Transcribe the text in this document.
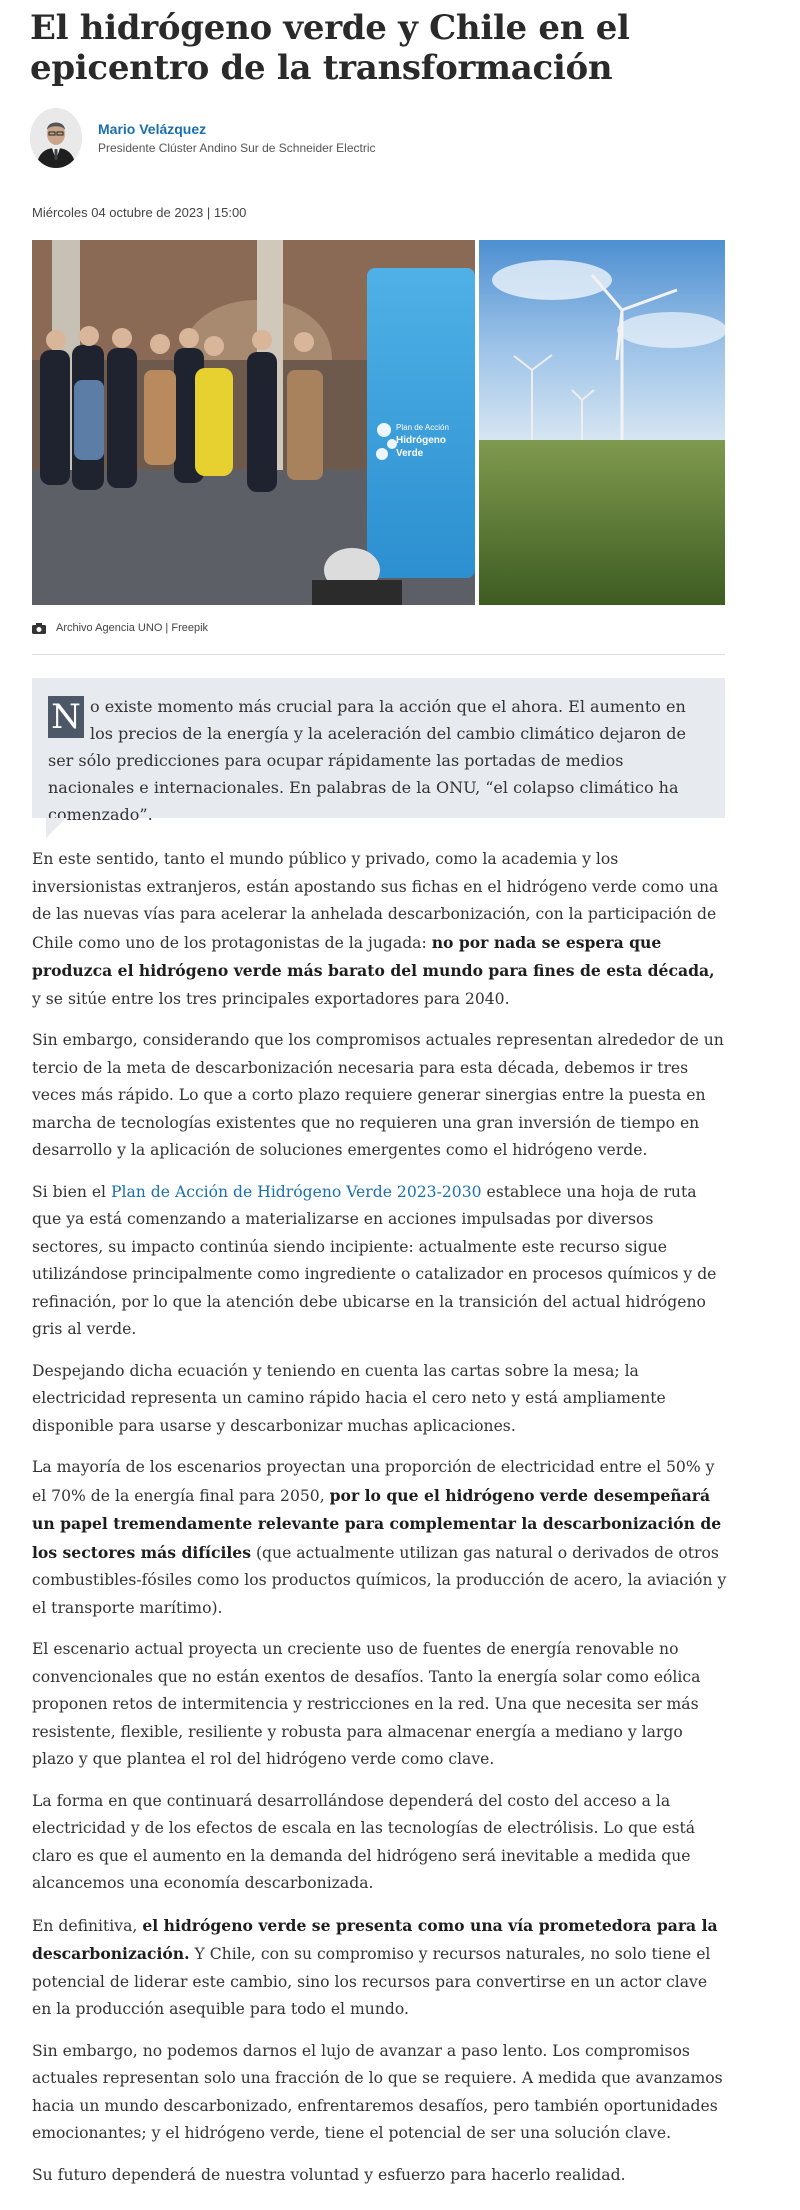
El hidrógeno verde y Chile en el epicentro de la transformación
Mario Velázquez
Presidente Clúster Andino Sur de Schneider Electric
Miércoles 04 octubre de 2023 | 15:00
Plan de Acción
Hidrógeno
Verde
Archivo Agencia UNO | Freepik
N o existe momento más crucial para la acción que el ahora. El aumento en los precios de la energía y la aceleración del cambio climático dejaron de ser sólo predicciones para ocupar rápidamente las portadas de medios nacionales e internacionales. En palabras de la ONU, “el colapso climático ha comenzado”.

En este sentido, tanto el mundo público y privado, como la academia y los inversionistas extranjeros, están apostando sus fichas en el hidrógeno verde como una de las nuevas vías para acelerar la anhelada descarbonización, con la participación de Chile como uno de los protagonistas de la jugada: no por nada se espera que produzca el hidrógeno verde más barato del mundo para fines de esta década, y se sitúe entre los tres principales exportadores para 2040.

Sin embargo, considerando que los compromisos actuales representan alrededor de un tercio de la meta de descarbonización necesaria para esta década, debemos ir tres veces más rápido. Lo que a corto plazo requiere generar sinergias entre la puesta en marcha de tecnologías existentes que no requieren una gran inversión de tiempo en desarrollo y la aplicación de soluciones emergentes como el hidrógeno verde.

Si bien el Plan de Acción de Hidrógeno Verde 2023-2030 establece una hoja de ruta que ya está comenzando a materializarse en acciones impulsadas por diversos sectores, su impacto continúa siendo incipiente: actualmente este recurso sigue utilizándose principalmente como ingrediente o catalizador en procesos químicos y de refinación, por lo que la atención debe ubicarse en la transición del actual hidrógeno gris al verde.

Despejando dicha ecuación y teniendo en cuenta las cartas sobre la mesa; la electricidad representa un camino rápido hacia el cero neto y está ampliamente disponible para usarse y descarbonizar muchas aplicaciones.

La mayoría de los escenarios proyectan una proporción de electricidad entre el 50% y el 70% de la energía final para 2050, por lo que el hidrógeno verde desempeñará un papel tremendamente relevante para complementar la descarbonización de los sectores más difíciles (que actualmente utilizan gas natural o derivados de otros combustibles-fósiles como los productos químicos, la producción de acero, la aviación y el transporte marítimo).

El escenario actual proyecta un creciente uso de fuentes de energía renovable no convencionales que no están exentos de desafíos. Tanto la energía solar como eólica proponen retos de intermitencia y restricciones en la red. Una que necesita ser más resistente, flexible, resiliente y robusta para almacenar energía a mediano y largo plazo y que plantea el rol del hidrógeno verde como clave.

La forma en que continuará desarrollándose dependerá del costo del acceso a la electricidad y de los efectos de escala en las tecnologías de electrólisis. Lo que está claro es que el aumento en la demanda del hidrógeno será inevitable a medida que alcancemos una economía descarbonizada.

En definitiva, el hidrógeno verde se presenta como una vía prometedora para la descarbonización. Y Chile, con su compromiso y recursos naturales, no solo tiene el potencial de liderar este cambio, sino los recursos para convertirse en un actor clave en la producción asequible para todo el mundo.

Sin embargo, no podemos darnos el lujo de avanzar a paso lento. Los compromisos actuales representan solo una fracción de lo que se requiere. A medida que avanzamos hacia un mundo descarbonizado, enfrentaremos desafíos, pero también oportunidades emocionantes; y el hidrógeno verde, tiene el potencial de ser una solución clave.

Su futuro dependerá de nuestra voluntad y esfuerzo para hacerlo realidad.
